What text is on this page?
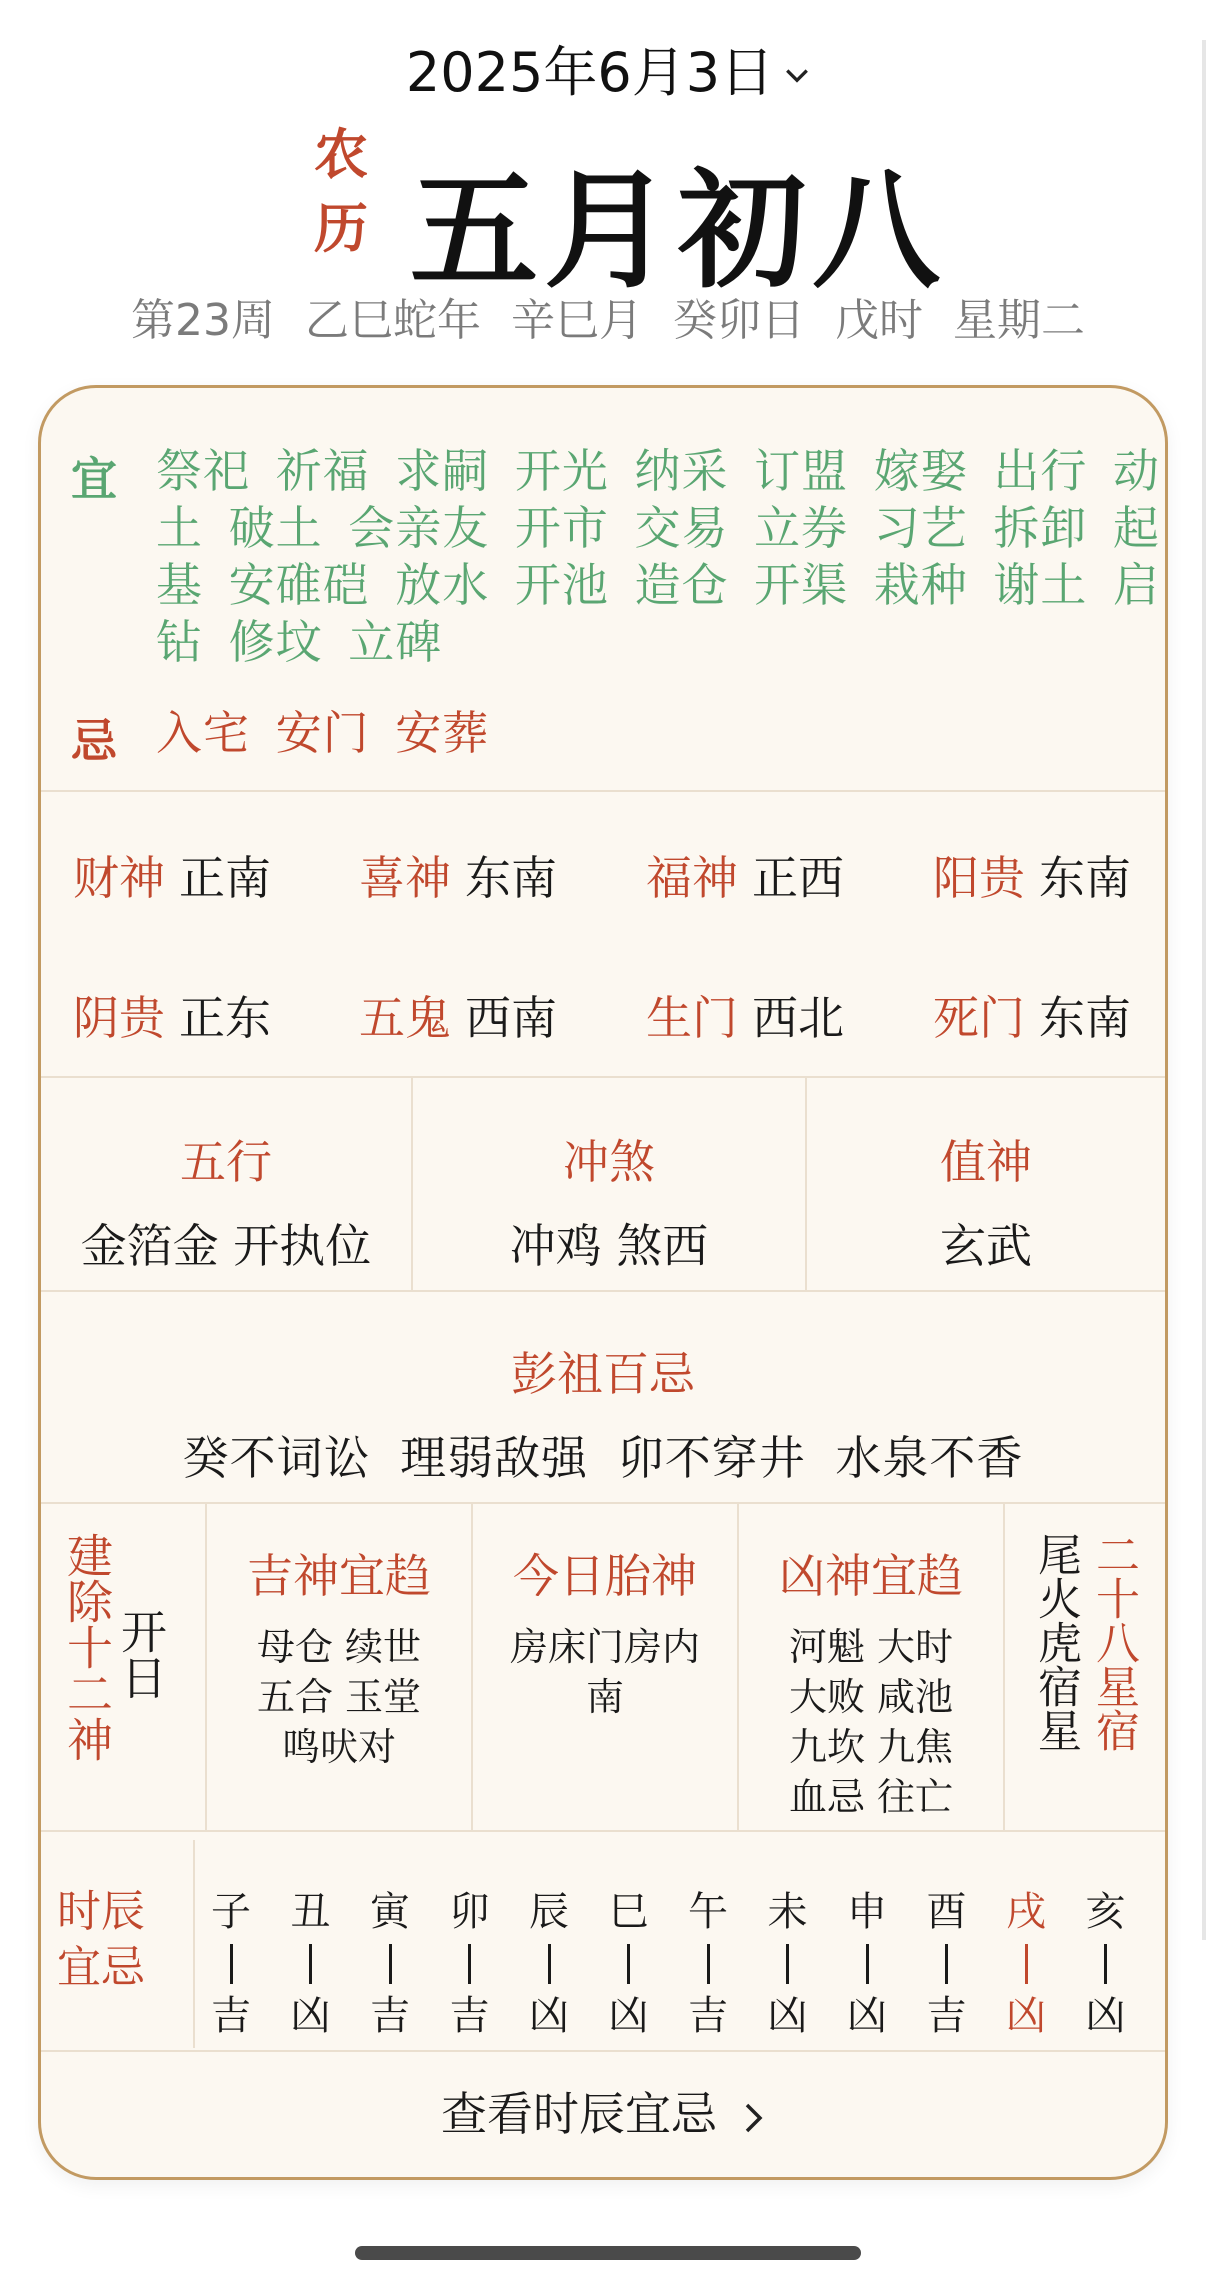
2025年6月3日
农
历 五月初八
第23周 乙巳蛇年 辛巳月 癸卯日 戊时 星期二
宜 祭祀 祈福 求嗣 开光 纳采 订盟 嫁娶 出行 动
土 破土 会亲友 开市 交易 立券 习艺 拆卸 起
基 安碓硙 放水 开池 造仓 开渠 栽种 谢土 启
钻 修坟 立碑
忌 入宅 安门 安葬
财神 正南 喜神 东南 福神 正西 阳贵 东南
阴贵 正东 五鬼 西南 生门 西北 死门 东南
五行
金箔金 开执位
冲煞
冲鸡 煞西
值神
玄武
彭祖百忌
癸不词讼 理弱敌强 卯不穿井 水泉不香
建除十二神 开日
吉神宜趋
母仓 续世
五合 玉堂
鸣吠对
今日胎神
房床门房内
南
凶神宜趋
河魁 大时
大败 咸池
九坎 九焦
血忌 往亡
尾火虎宿星 二十八星宿
时辰宜忌
子
吉
丑
凶
寅
吉
卯
吉
辰
凶
巳
凶
午
吉
未
凶
申
凶
酉
吉
戌
凶
亥
凶
查看时辰宜忌
